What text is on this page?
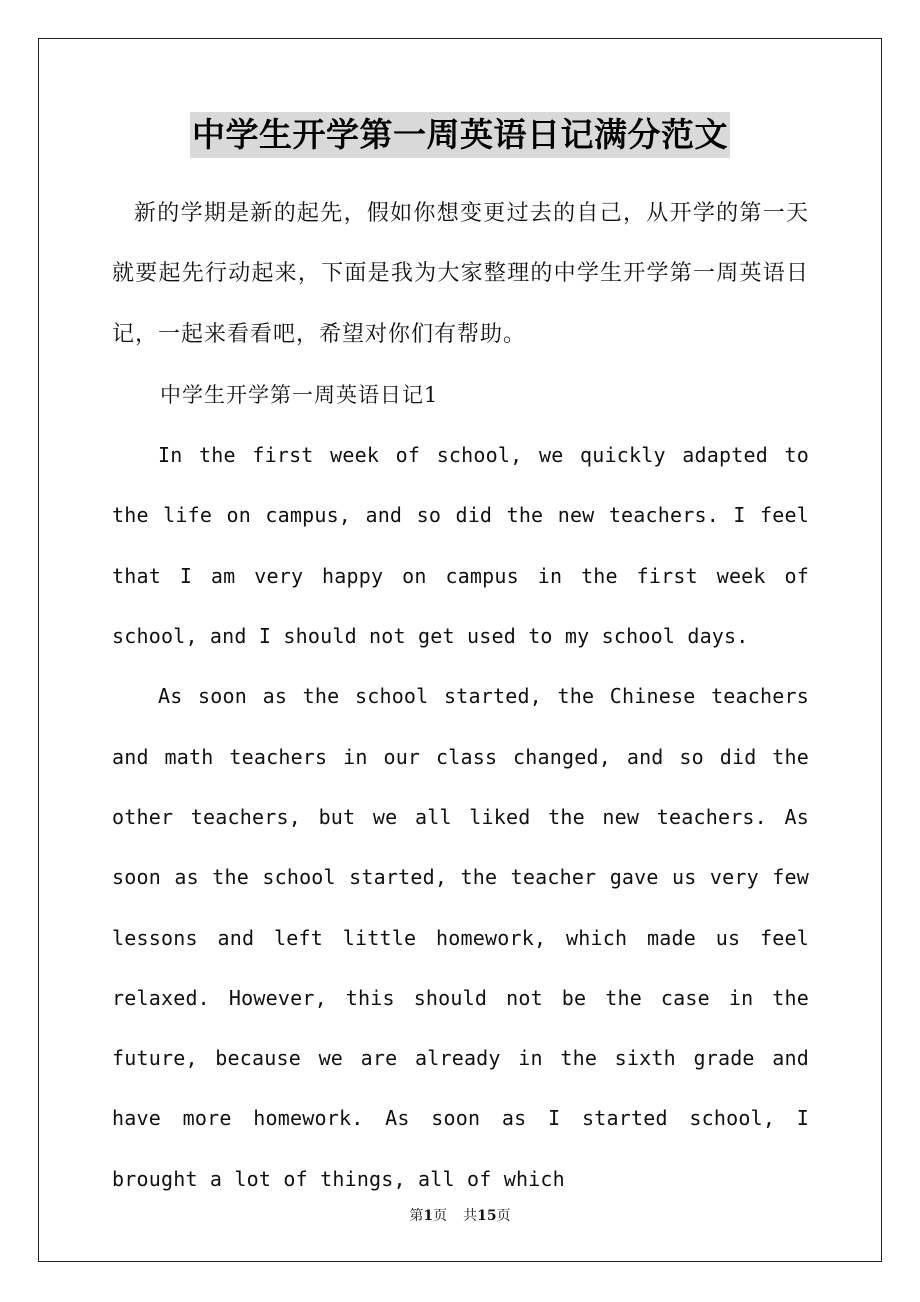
中学生开学第一周英语日记满分范文

新的学期是新的起先，假如你想变更过去的自己，从开学的第一天就要起先行动起来，下面是我为大家整理的中学生开学第一周英语日记，一起来看看吧，希望对你们有帮助。

中学生开学第一周英语日记1

In the first week of school, we quickly adapted to the life on campus, and so did the new teachers. I feel that I am very happy on campus in the first week of school, and I should not get used to my school days.

As soon as the school started, the Chinese teachers and math teachers in our class changed, and so did the other teachers, but we all liked the new teachers. As soon as the school started, the teacher gave us very few lessons and left little homework, which made us feel relaxed. However, this should not be the case in the future, because we are already in the sixth grade and have more homework. As soon as I started school, I brought a lot of things, all of which

第1页 共15页
